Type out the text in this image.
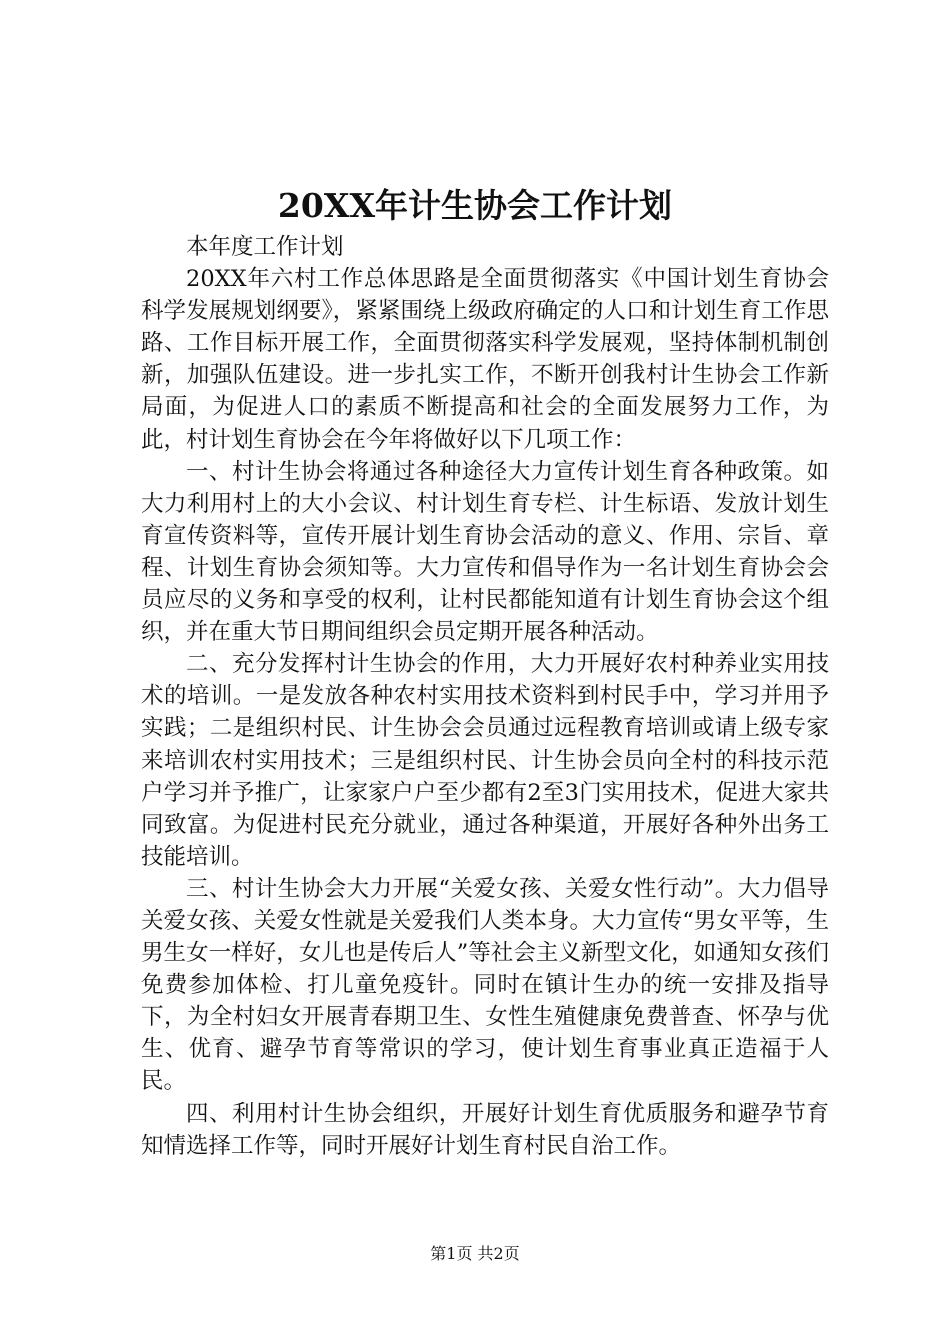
20XX年计生协会工作计划

本年度工作计划

20XX年六村工作总体思路是全面贯彻落实《中国计划生育协会科学发展规划纲要》，紧紧围绕上级政府确定的人口和计划生育工作思路、工作目标开展工作，全面贯彻落实科学发展观，坚持体制机制创新，加强队伍建设。进一步扎实工作，不断开创我村计生协会工作新局面，为促进人口的素质不断提高和社会的全面发展努力工作，为此，村计划生育协会在今年将做好以下几项工作：

一、村计生协会将通过各种途径大力宣传计划生育各种政策。如大力利用村上的大小会议、村计划生育专栏、计生标语、发放计划生育宣传资料等，宣传开展计划生育协会活动的意义、作用、宗旨、章程、计划生育协会须知等。大力宣传和倡导作为一名计划生育协会会员应尽的义务和享受的权利，让村民都能知道有计划生育协会这个组织，并在重大节日期间组织会员定期开展各种活动。

二、充分发挥村计生协会的作用，大力开展好农村种养业实用技术的培训。一是发放各种农村实用技术资料到村民手中，学习并用予实践；二是组织村民、计生协会会员通过远程教育培训或请上级专家来培训农村实用技术；三是组织村民、计生协会员向全村的科技示范户学习并予推广，让家家户户至少都有2至3门实用技术，促进大家共同致富。为促进村民充分就业，通过各种渠道，开展好各种外出务工技能培训。

三、村计生协会大力开展“关爱女孩、关爱女性行动”。大力倡导关爱女孩、关爱女性就是关爱我们人类本身。大力宣传“男女平等，生男生女一样好，女儿也是传后人”等社会主义新型文化，如通知女孩们免费参加体检、打儿童免疫针。同时在镇计生办的统一安排及指导下，为全村妇女开展青春期卫生、女性生殖健康免费普查、怀孕与优生、优育、避孕节育等常识的学习，使计划生育事业真正造福于人民。

四、利用村计生协会组织，开展好计划生育优质服务和避孕节育知情选择工作等，同时开展好计划生育村民自治工作。

第1页 共2页
